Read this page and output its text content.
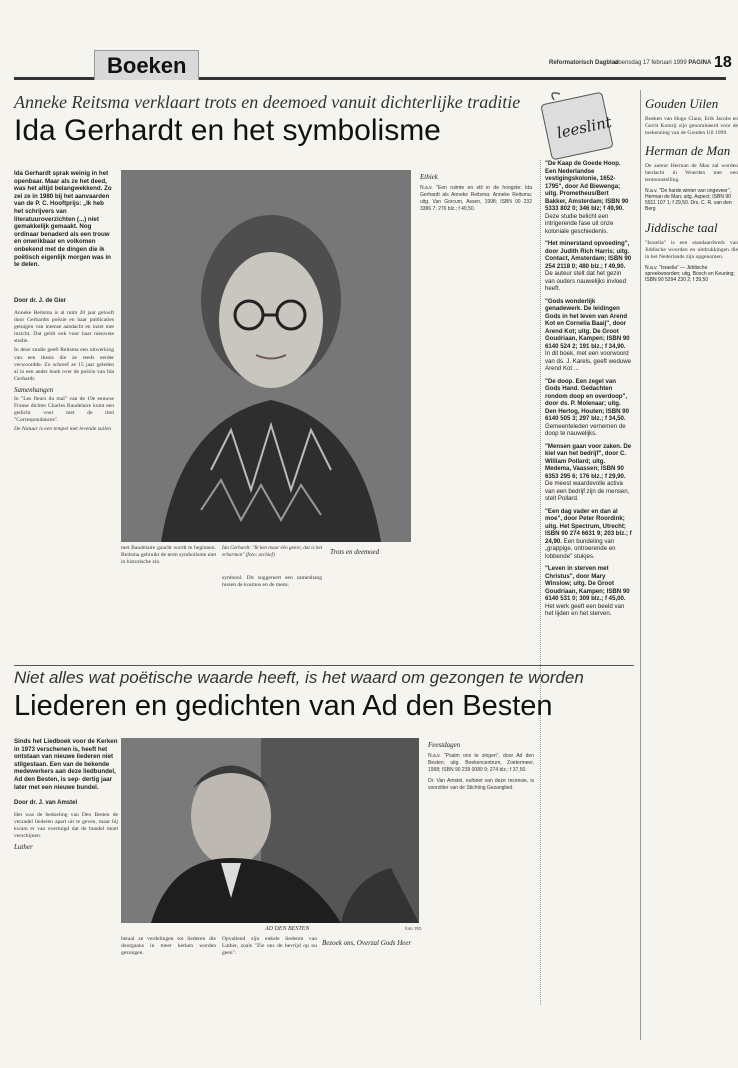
Boeken	Reformatorisch Dagblad
woensdag 17 februari 1999 PAGINA 18
Anneke Reitsma verklaart trots en deemoed vanuit dichterlijke traditie
Ida Gerhardt en het symbolisme
Ida Gerhardt sprak weinig in het openbaar. Maar als ze het deed, was het altijd belangwekkend. Zo zei ze in 1980 bij het aanvaarden van de P. C. Hooftprijs: „Ik heb het schrijvers van literatuuroverzichten (...) niet gemakkelijk gemaakt. Nog ordinaar benaderd als een trouw en onwrikbaar en volkomen onbekend met de dingen die ik poëtisch eigenlijk morgen was in te delen.
Door dr. J. de Gier

Anneke Reitsma is al ruim 20 jaar gelooft door Gerhardts poëzie en haar publicaties getuigen van intense aandacht en inzet met inzicht. Dat geldt ook voor haar nieuwste studie.

In deze studie geeft Reitsma een uitwerking van een thesis die ze reeds eerder verwoordde. Zo schreef ze 15 jaar geleden al in een ander boek over de poëzie van Ida Gerhardt.

Samenhangen

In "Les fleurs du mal" van de 19e eeuwse Franse dichter Charles Baudelaire komt een gedicht voor met de titel "Correspondances".

De Natuur is een tempel met levende zuilen

met Baudelaire gaacht wordt te beginnen. Reitsma gebruikt de term symbolisme niet in historische zin.

Ida Gerhardt: "Ik ken maar één genre, dat is het erbarmen" (foto: archief)

symbool. Dit suggereert een samenhang tussen de kosmos en de mens.

Trots en deemoed
Ethiek
N.a.v. "Een ruimte en stil in de hoogste: Ida Gerhardt als Anneke Reitsma: Anneke Reitsma; uitg. Van Gorcum, Assen, 1998; ISBN 90 232 3386 7; 276 blz.; f 49,50.
leeslint

"De Kaap de Goede Hoop. Een Nederlandse vestigingskolonie, 1652-1795", door Ad Biewenga; uitg. Prometheus/Bert Bakker, Amsterdam; ISBN 90 5333 802 0; 346 blz; f 49,90. Deze studie belicht een intrigerende fase uit onze koloniale geschiedenis.

"Het minerstand opvoeding", door Judith Rich Harris; uitg. Contact, Amsterdam; ISBN 90 254 2118 0; 480 blz.; f 49,90. De auteur stelt dat het gezin van ouders nauwelijks invloed heeft.

"Gods wonderlijk genadewerk. De leidingen Gods in het leven van Arend Kot en Cornelia Baaij", door Arend Kot; uitg. De Groot Goudriaan, Kampen; ISBN 90 6140 524 2; 191 blz.; f 34,90. In dit boek, met een voorwoord van ds. J. Karels, geeft weduwe Arend Kot ...

"De doop. Een zegel van Gods Hand. Gedachten rondom doop en overdoop", door ds. P. Molenaar; uitg. Den Hertog, Houten; ISBN 90 6140 505 3; 297 blz.; f 34,50. Gemeenteleden vernemen de doop te nauwelijks.

"Mensen gaan voor zaken. De kiel van het bedrijf", door C. William Pollard; uitg. Medema, Vaassen; ISBN 90 6353 295 6; 176 blz.; f 29,90. De meest waardevolle activa van een bedrijf zijn de mensen, stelt Pollard.

"Een dag vader en dan al moe", door Peter Roordink; uitg. Het Spectrum, Utrecht; ISBN 90 274 6631 9; 203 blz.; f 24,90. Een bundeling van „grappige, ontroerende en lobbende" stukjes.

"Leven in sterven met Christus", door Mary Winslow; uitg. De Groot Goudriaan, Kampen; ISBN 90 6140 531 0; 309 blz.; f 45,00. Het werk geeft een beeld van het lijden en het sterven.

Gouden Uilen

Boeken van Hugo Claus, Erik Jacobs en Gerrit Komrij zijn genomineerd voor de toekenning van de Gouden Uil 1999.

Herman de Man

De auteur Herman de Man zal worden herdacht in Woerden met een tentoonstelling.

N.a.v. "De harde winter van ongeveer", Herman de Man; uitg. Aspect; ISBN 90 5911 107 1; f 29,50. Drs. C. R. van den Berg
Jiddische taal

"Israelia" is een standaardwerk van Jiddische woorden en uitdrukkingen die in het Nederlands zijn opgenomen.

N.a.v. "Israelia" — Jiddische spreekwoorden; uitg. Bosch en Keuning; ISBN 90 5294 230 2; f 39,50
Niet alles wat poëtische waarde heeft, is het waard om gezongen te worden
Liederen en gedichten van Ad den Besten
Sinds het Liedboek voor de Kerken in 1973 verschenen is, heeft het ontstaan van nieuwe liederen niet stilgestaan. Een van de bekende medewerkers aan deze liedbundel, Ad den Besten, is sep- dertig jaar later met een nieuwe bundel.
Door dr. J. van Amstel

Het was de bedoeling van Den Besten de verzadel liederen apart uit te geven, maar hij kwam er van overtuigd dat de bundel moet verschijnen.

Luther
AD DEN BESTEN	foto: RD

betaal ze verdelingen tot liederen die doorgaans in meer kerken worden gezongen.

Opvallend zijn enkele liederen van Luther, zoals "Zie ons de bevrijd op nu geen".

Bezoek ons, Overzal Gods Heer
Feestdagen
N.a.v. "Psalm ons te zingen", door Ad den Besten; uitg. Boekencentrum, Zoetermeer, 1998; ISBN 90 239 0080 9; 274 blz.; f 37,50.
Dr. Van Amstel, euforiet van deze recensie, is voorzitter van de Stichting Gezanglied.
